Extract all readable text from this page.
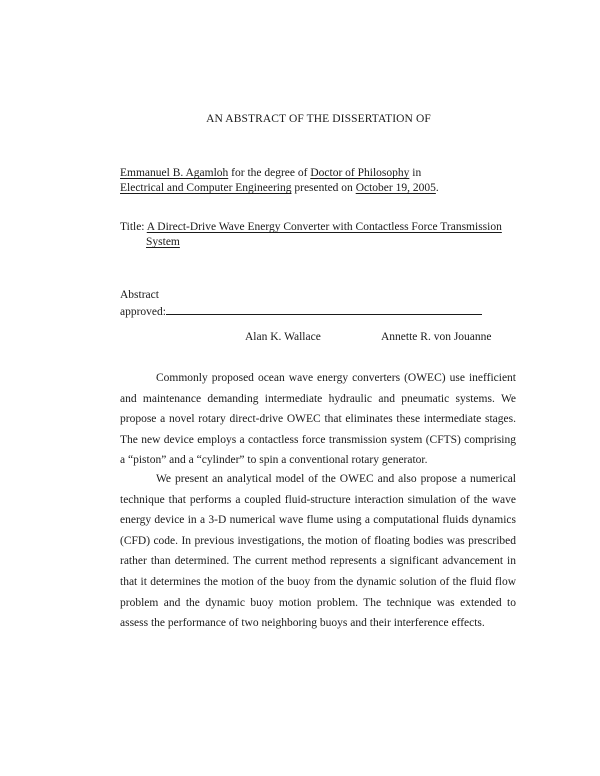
AN ABSTRACT OF THE DISSERTATION OF
Emmanuel B. Agamloh for the degree of Doctor of Philosophy in
Electrical and Computer Engineering presented on October 19, 2005.
Title: A Direct-Drive Wave Energy Converter with Contactless Force Transmission
System
Abstract
approved:
Alan K. Wallace	Annette R. von Jouanne

Commonly proposed ocean wave energy converters (OWEC) use inefficient and maintenance demanding intermediate hydraulic and pneumatic systems. We propose a novel rotary direct-drive OWEC that eliminates these intermediate stages. The new device employs a contactless force transmission system (CFTS) comprising a “piston” and a “cylinder” to spin a conventional rotary generator.

We present an analytical model of the OWEC and also propose a numerical technique that performs a coupled fluid-structure interaction simulation of the wave energy device in a 3-D numerical wave flume using a computational fluids dynamics (CFD) code. In previous investigations, the motion of floating bodies was prescribed rather than determined. The current method represents a significant advancement in that it determines the motion of the buoy from the dynamic solution of the fluid flow problem and the dynamic buoy motion problem. The technique was extended to assess the performance of two neighboring buoys and their interference effects.
